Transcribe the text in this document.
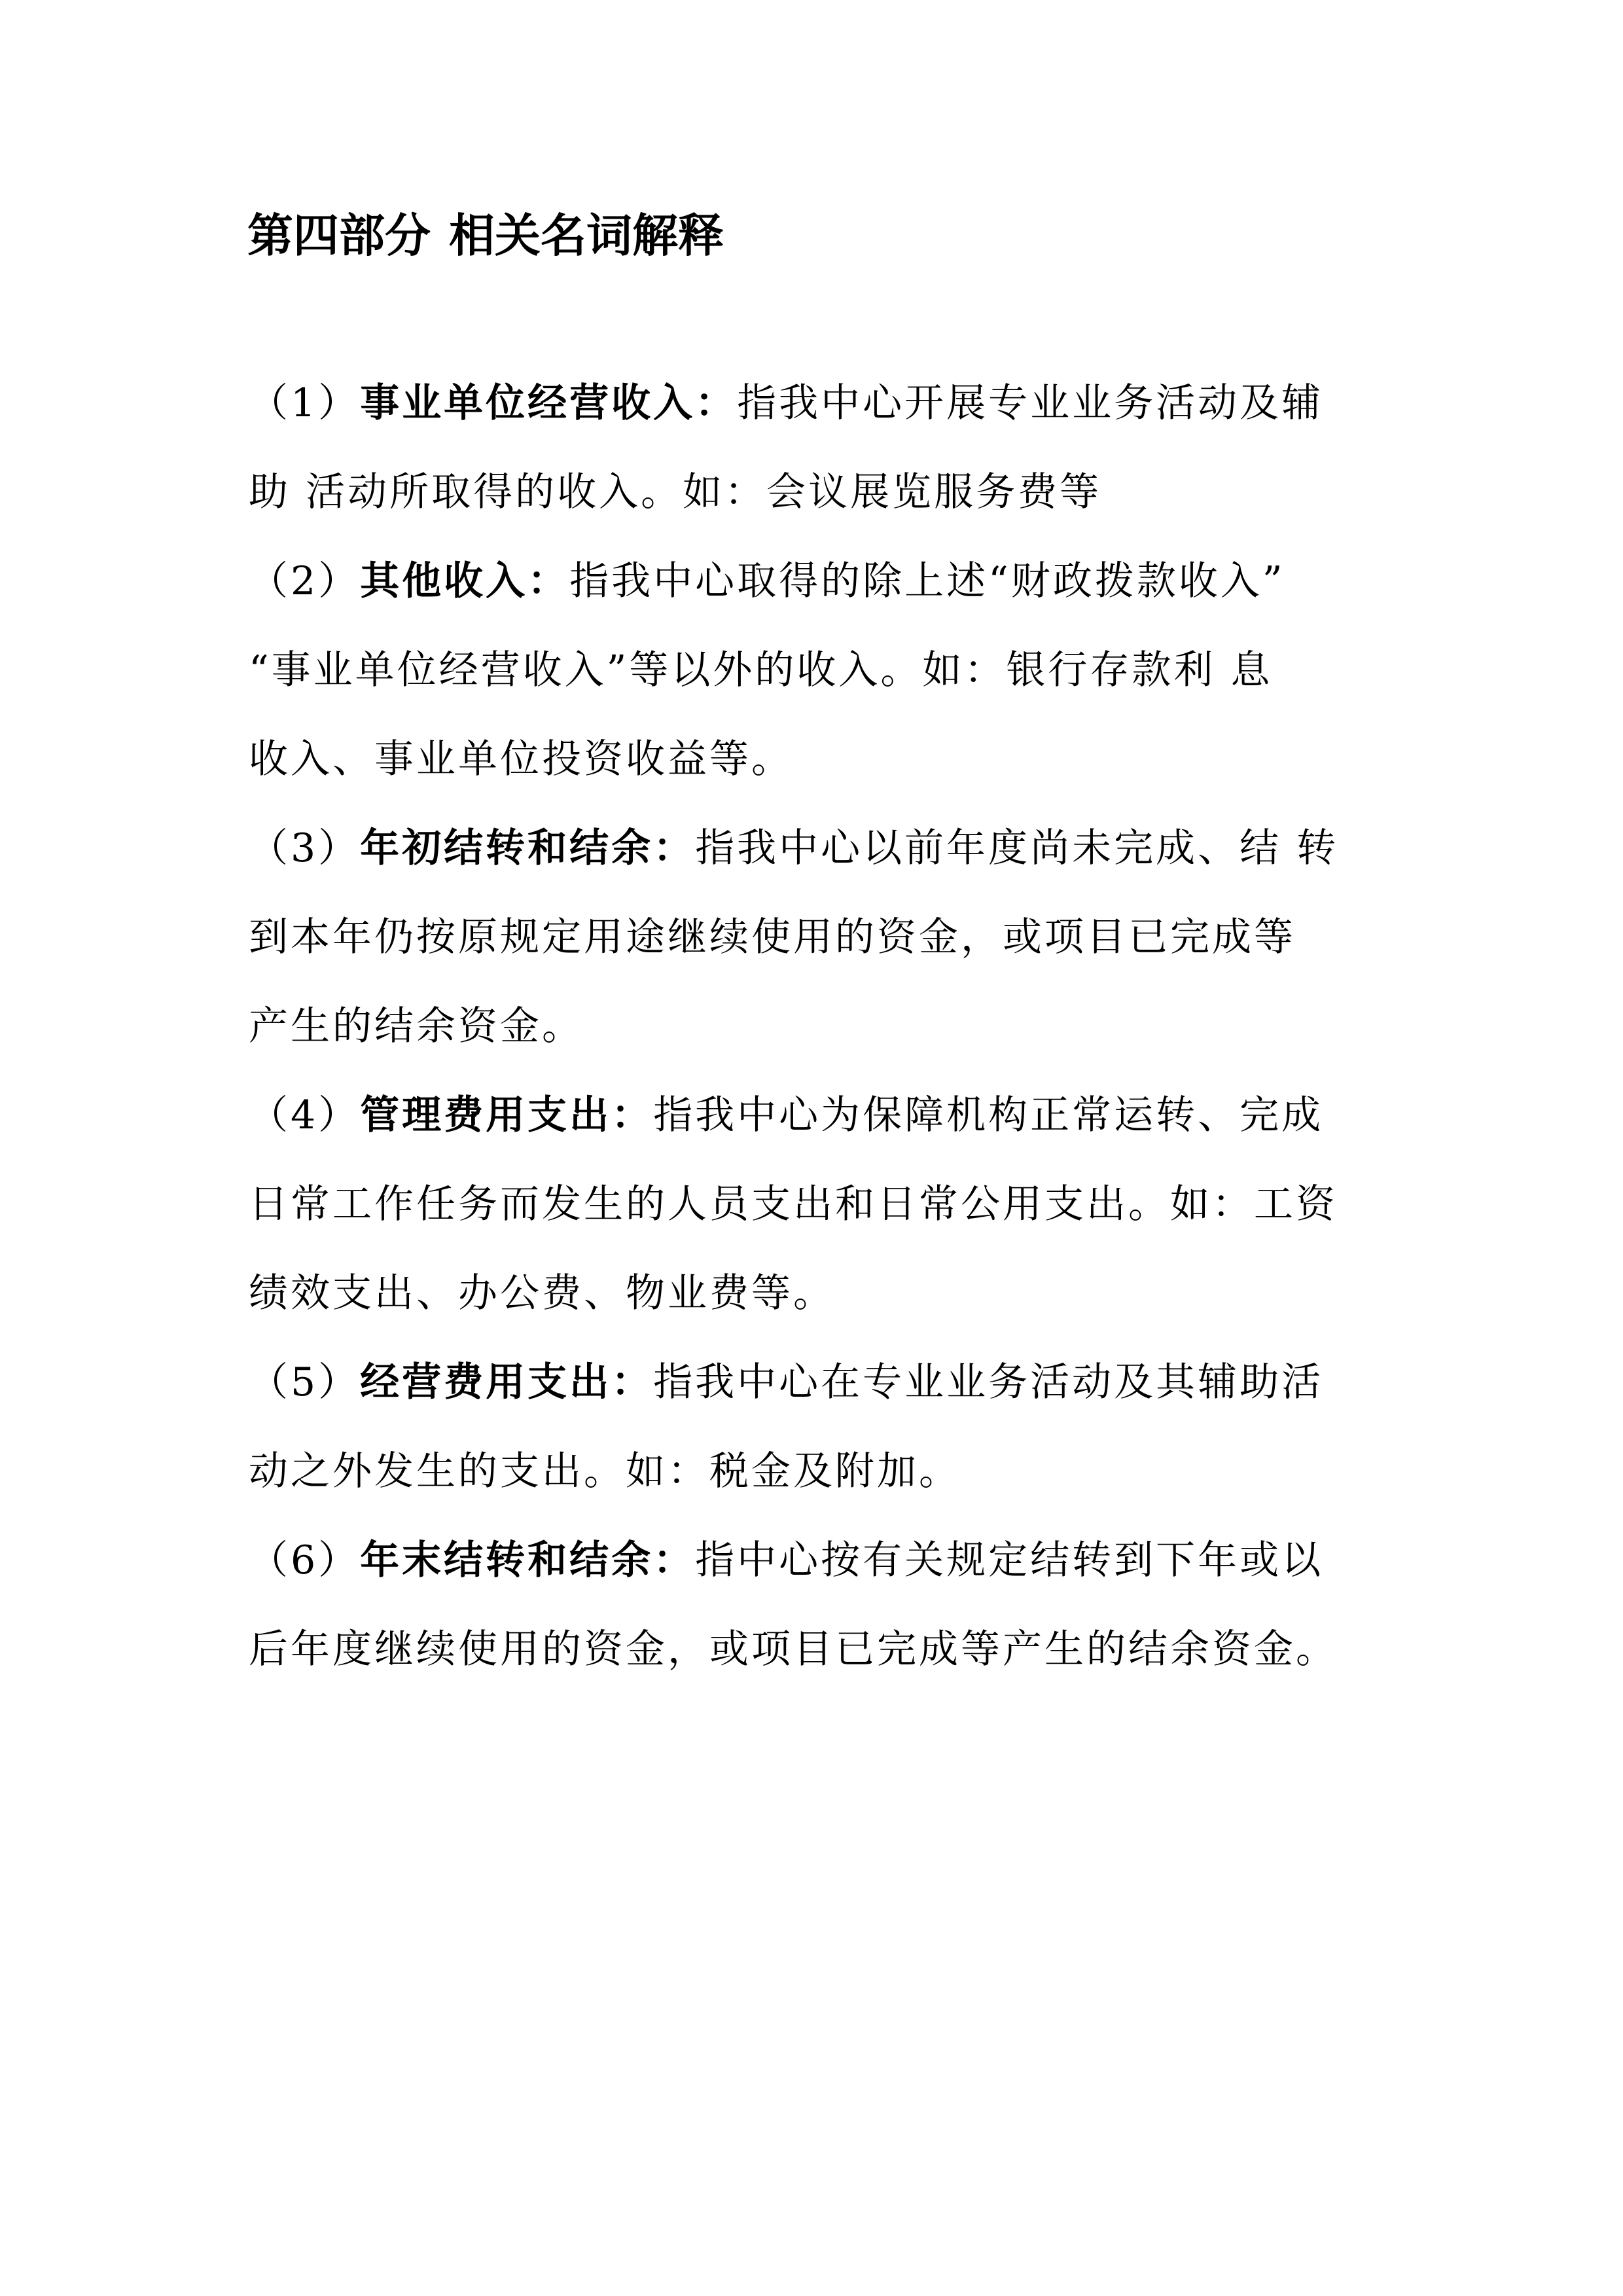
第四部分 相关名词解释

（1）事业单位经营收入：指我中心开展专业业务活动及辅
助 活动所取得的收入。如：会议展览服务费等

（2）其他收入：指我中心取得的除上述“财政拨款收入”
“事业单位经营收入”等以外的收入。如：银行存款利 息
收入、事业单位投资收益等。

（3）年初结转和结余：指我中心以前年度尚未完成、结 转
到本年仍按原规定用途继续使用的资金，或项目已完成等
产生的结余资金。

（4）管理费用支出：指我中心为保障机构正常运转、完成
日常工作任务而发生的人员支出和日常公用支出。如：工资
绩效支出、办公费、物业费等。

（5）经营费用支出：指我中心在专业业务活动及其辅助活
动之外发生的支出。如：税金及附加。

（6）年末结转和结余：指中心按有关规定结转到下年或以
后年度继续使用的资金，或项目已完成等产生的结余资金。
